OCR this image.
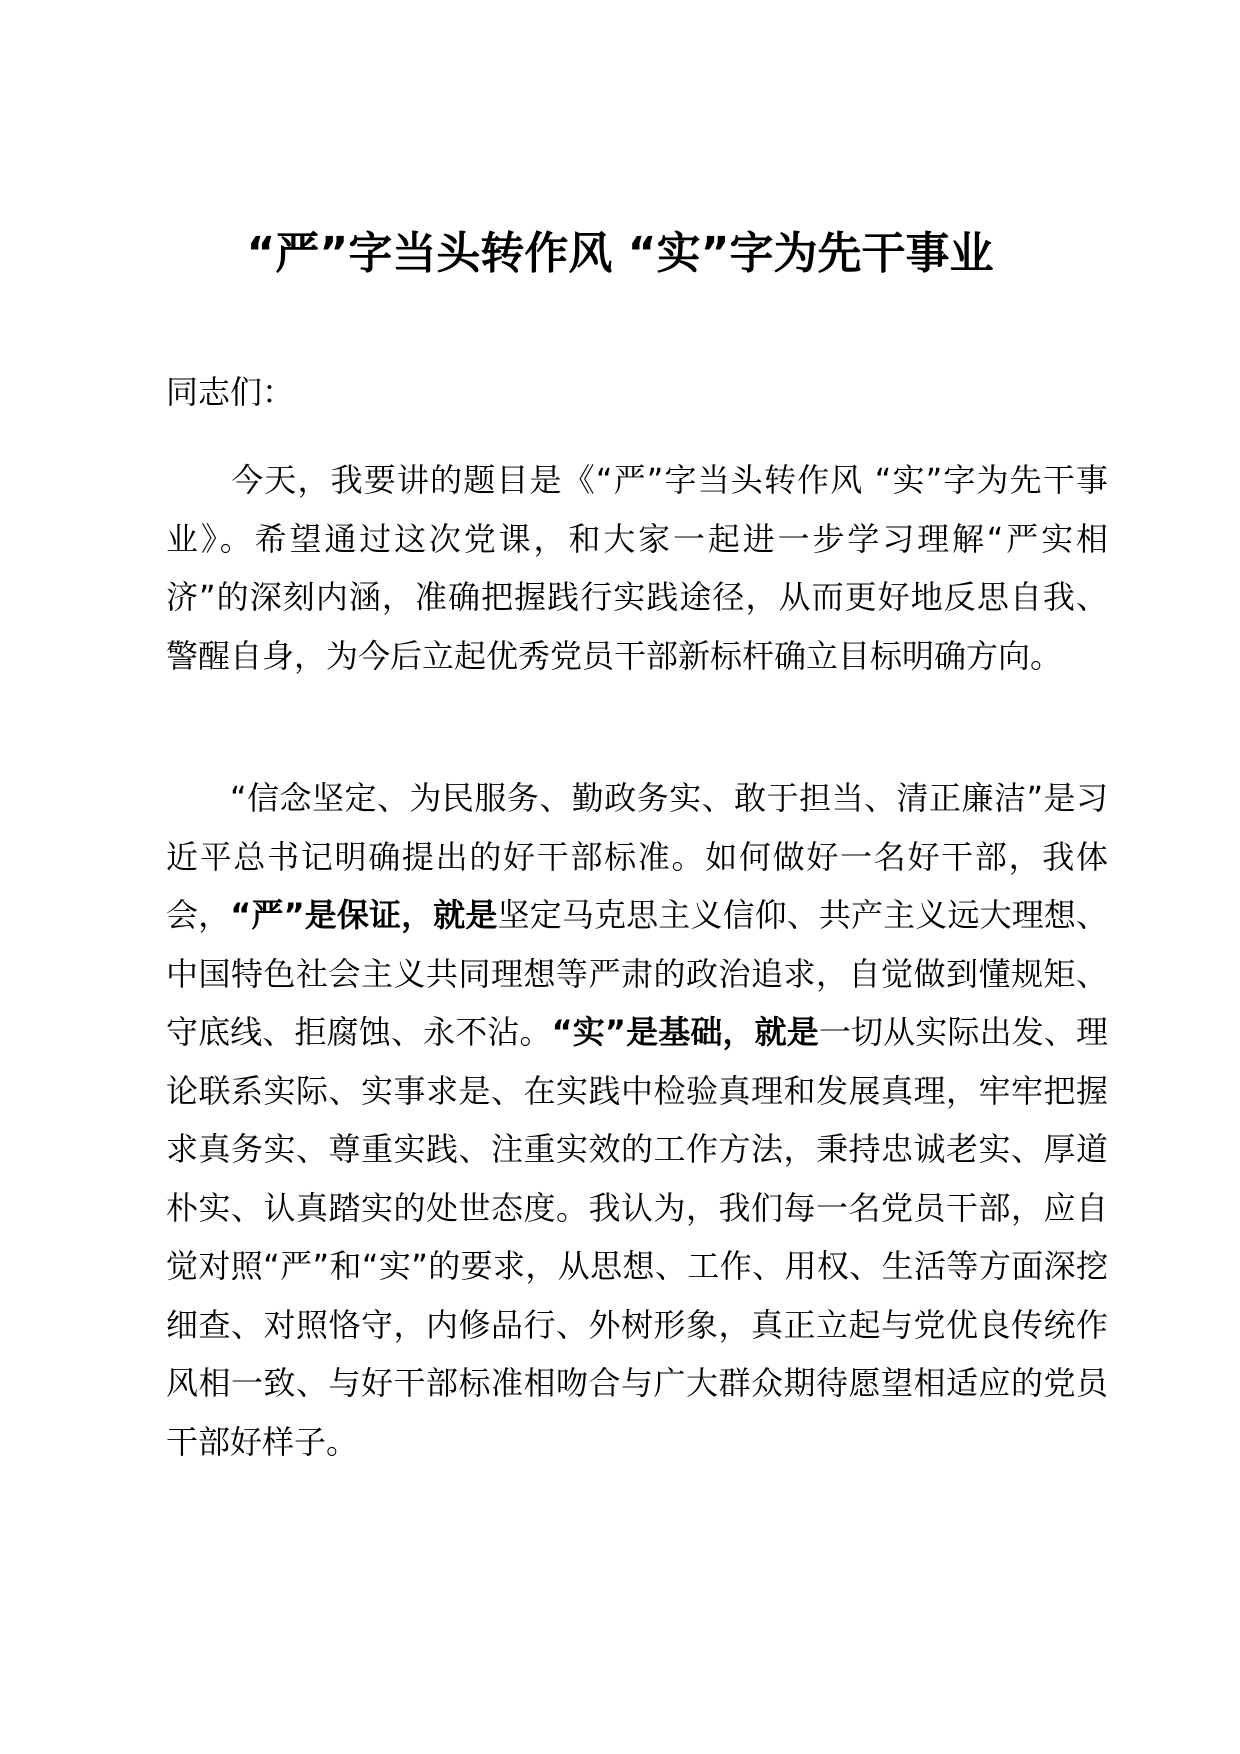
“严”字当头转作风 “实”字为先干事业

同志们：

今天，我要讲的题目是《“严”字当头转作风 “实”字为先干事业》。希望通过这次党课，和大家一起进一步学习理解“严实相济”的深刻内涵，准确把握践行实践途径，从而更好地反思自我、警醒自身，为今后立起优秀党员干部新标杆确立目标明确方向。

“信念坚定、为民服务、勤政务实、敢于担当、清正廉洁”是习近平总书记明确提出的好干部标准。如何做好一名好干部，我体会，“严”是保证，就是坚定马克思主义信仰、共产主义远大理想、中国特色社会主义共同理想等严肃的政治追求，自觉做到懂规矩、守底线、拒腐蚀、永不沾。“实”是基础，就是一切从实际出发、理论联系实际、实事求是、在实践中检验真理和发展真理，牢牢把握求真务实、尊重实践、注重实效的工作方法，秉持忠诚老实、厚道朴实、认真踏实的处世态度。我认为，我们每一名党员干部，应自觉对照“严”和“实”的要求，从思想、工作、用权、生活等方面深挖细查、对照恪守，内修品行、外树形象，真正立起与党优良传统作风相一致、与好干部标准相吻合与广大群众期待愿望相适应的党员干部好样子。
